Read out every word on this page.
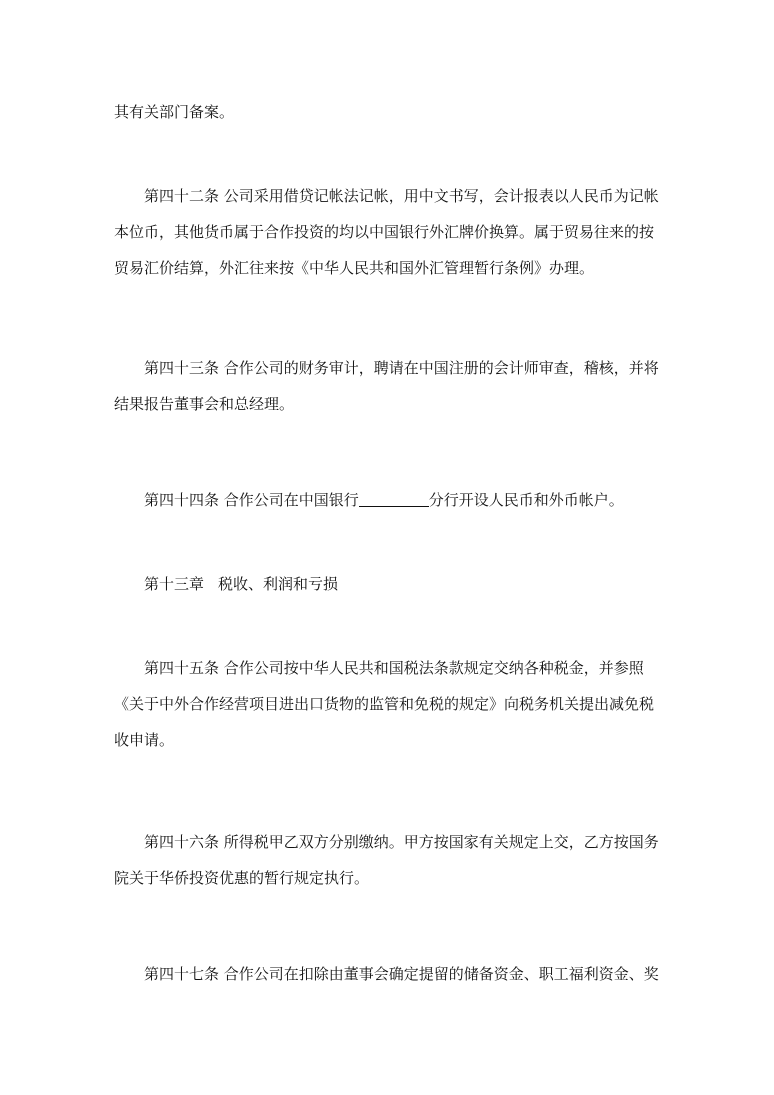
其有关部门备案。

第四十二条 公司采用借贷记帐法记帐，用中文书写，会计报表以人民币为记帐
本位币，其他货币属于合作投资的均以中国银行外汇牌价换算。属于贸易往来的按
贸易汇价结算，外汇往来按《中华人民共和国外汇管理暂行条例》办理。

第四十三条 合作公司的财务审计，聘请在中国注册的会计师审查，稽核，并将
结果报告董事会和总经理。

第四十四条 合作公司在中国银行	分行开设人民币和外币帐户。

第十三章 税收、利润和亏损

第四十五条 合作公司按中华人民共和国税法条款规定交纳各种税金，并参照
《关于中外合作经营项目进出口货物的监管和免税的规定》向税务机关提出减免税
收申请。

第四十六条 所得税甲乙双方分别缴纳。甲方按国家有关规定上交，乙方按国务
院关于华侨投资优惠的暂行规定执行。

第四十七条 合作公司在扣除由董事会确定提留的储备资金、职工福利资金、奖
